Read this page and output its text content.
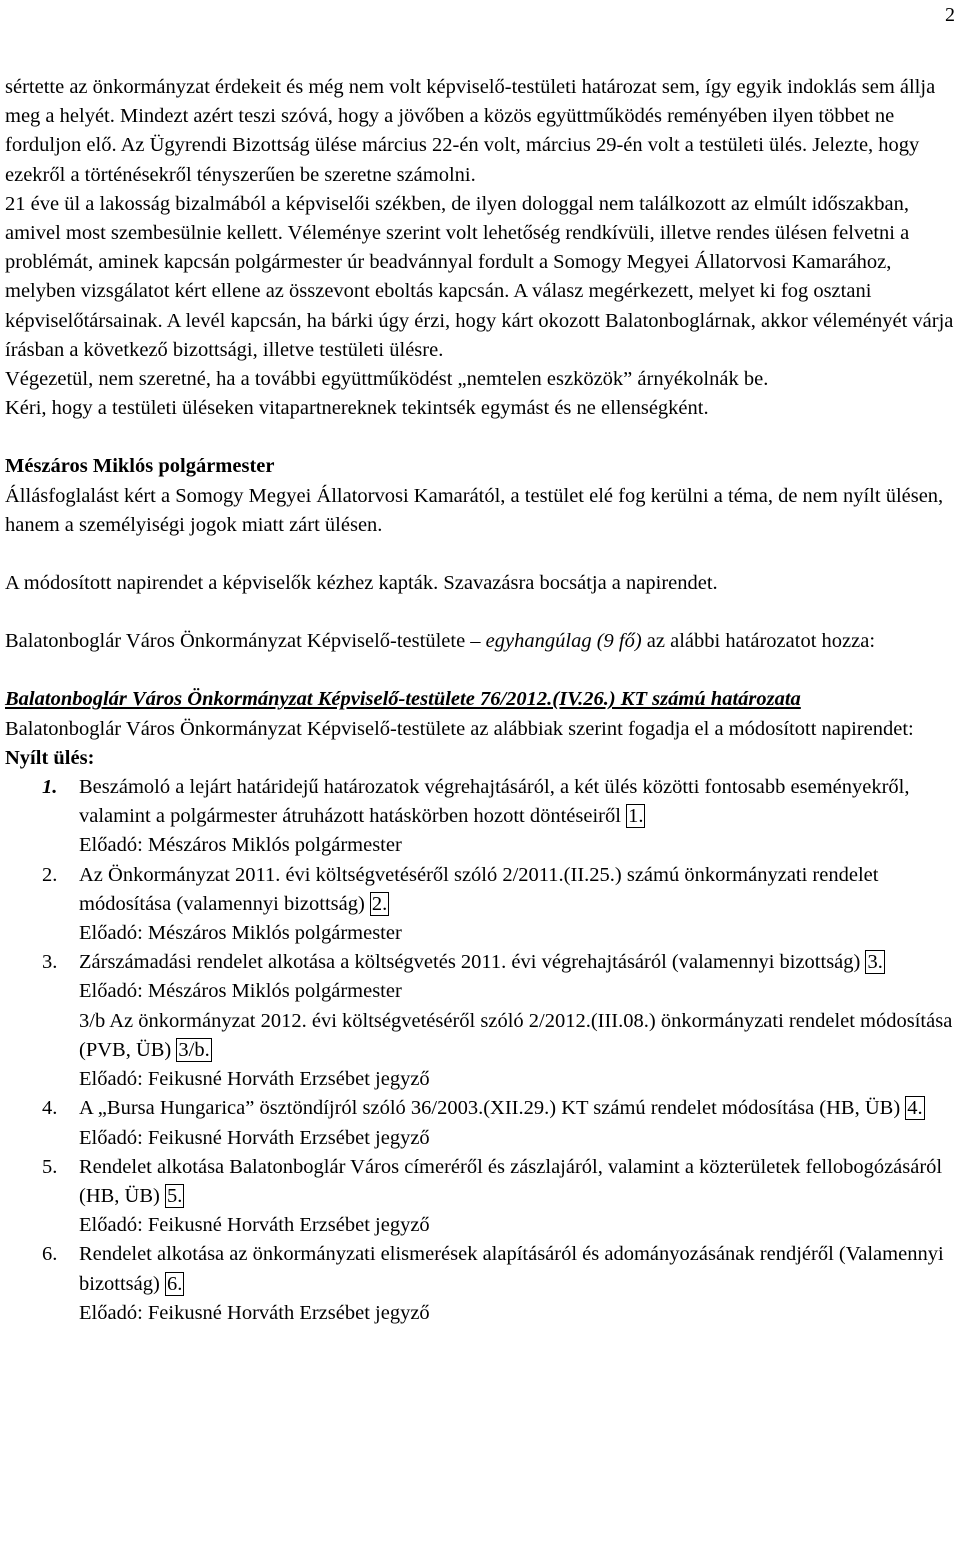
2

sértette az önkormányzat érdekeit és még nem volt képviselő-testületi határozat sem, így egyik indoklás sem állja meg a helyét. Mindezt azért teszi szóvá, hogy a jövőben a közös együttműködés reményében ilyen többet ne forduljon elő. Az Ügyrendi Bizottság ülése március 22-én volt, március 29-én volt a testületi ülés. Jelezte, hogy ezekről a történésekről tényszerűen be szeretne számolni.

21 éve ül a lakosság bizalmából a képviselői székben, de ilyen dologgal nem találkozott az elmúlt időszakban, amivel most szembesülnie kellett. Véleménye szerint volt lehetőség rendkívüli, illetve rendes ülésen felvetni a problémát, aminek kapcsán polgármester úr beadvánnyal fordult a Somogy Megyei Állatorvosi Kamarához, melyben vizsgálatot kért ellene az összevont eboltás kapcsán. A válasz megérkezett, melyet ki fog osztani képviselőtársainak. A levél kapcsán, ha bárki úgy érzi, hogy kárt okozott Balatonboglárnak, akkor véleményét várja írásban a következő bizottsági, illetve testületi ülésre.

Végezetül, nem szeretné, ha a további együttműködést „nemtelen eszközök” árnyékolnák be.

Kéri, hogy a testületi üléseken vitapartnereknek tekintsék egymást és ne ellenségként.

Mészáros Miklós polgármester

Állásfoglalást kért a Somogy Megyei Állatorvosi Kamarától, a testület elé fog kerülni a téma, de nem nyílt ülésen, hanem a személyiségi jogok miatt zárt ülésen.

A módosított napirendet a képviselők kézhez kapták. Szavazásra bocsátja a napirendet.

Balatonboglár Város Önkormányzat Képviselő-testülete – egyhangúlag (9 fő) az alábbi határozatot hozza:

Balatonboglár Város Önkormányzat Képviselő-testülete 76/2012.(IV.26.) KT számú határozata

Balatonboglár Város Önkormányzat Képviselő-testülete az alábbiak szerint fogadja el a módosított napirendet:

Nyílt ülés:

1.	Beszámoló a lejárt határidejű határozatok végrehajtásáról, a két ülés közötti fontosabb eseményekről, valamint a polgármester átruházott hatáskörben hozott döntéseiről 1.
Előadó: Mészáros Miklós polgármester
2.	Az Önkormányzat 2011. évi költségvetéséről szóló 2/2011.(II.25.) számú önkormányzati rendelet módosítása (valamennyi bizottság) 2.
Előadó: Mészáros Miklós polgármester
3.	Zárszámadási rendelet alkotása a költségvetés 2011. évi végrehajtásáról (valamennyi bizottság) 3.
Előadó: Mészáros Miklós polgármester
3/b Az önkormányzat 2012. évi költségvetéséről szóló 2/2012.(III.08.) önkormányzati rendelet módosítása (PVB, ÜB) 3/b.
Előadó: Feikusné Horváth Erzsébet jegyző
4.	A „Bursa Hungarica” ösztöndíjról szóló 36/2003.(XII.29.) KT számú rendelet módosítása (HB, ÜB) 4.
Előadó: Feikusné Horváth Erzsébet jegyző
5.	Rendelet alkotása Balatonboglár Város címeréről és zászlajáról, valamint a közterületek fellobogózásáról (HB, ÜB) 5.
Előadó: Feikusné Horváth Erzsébet jegyző
6.	Rendelet alkotása az önkormányzati elismerések alapításáról és adományozásának rendjéről (Valamennyi bizottság) 6.
Előadó: Feikusné Horváth Erzsébet jegyző
